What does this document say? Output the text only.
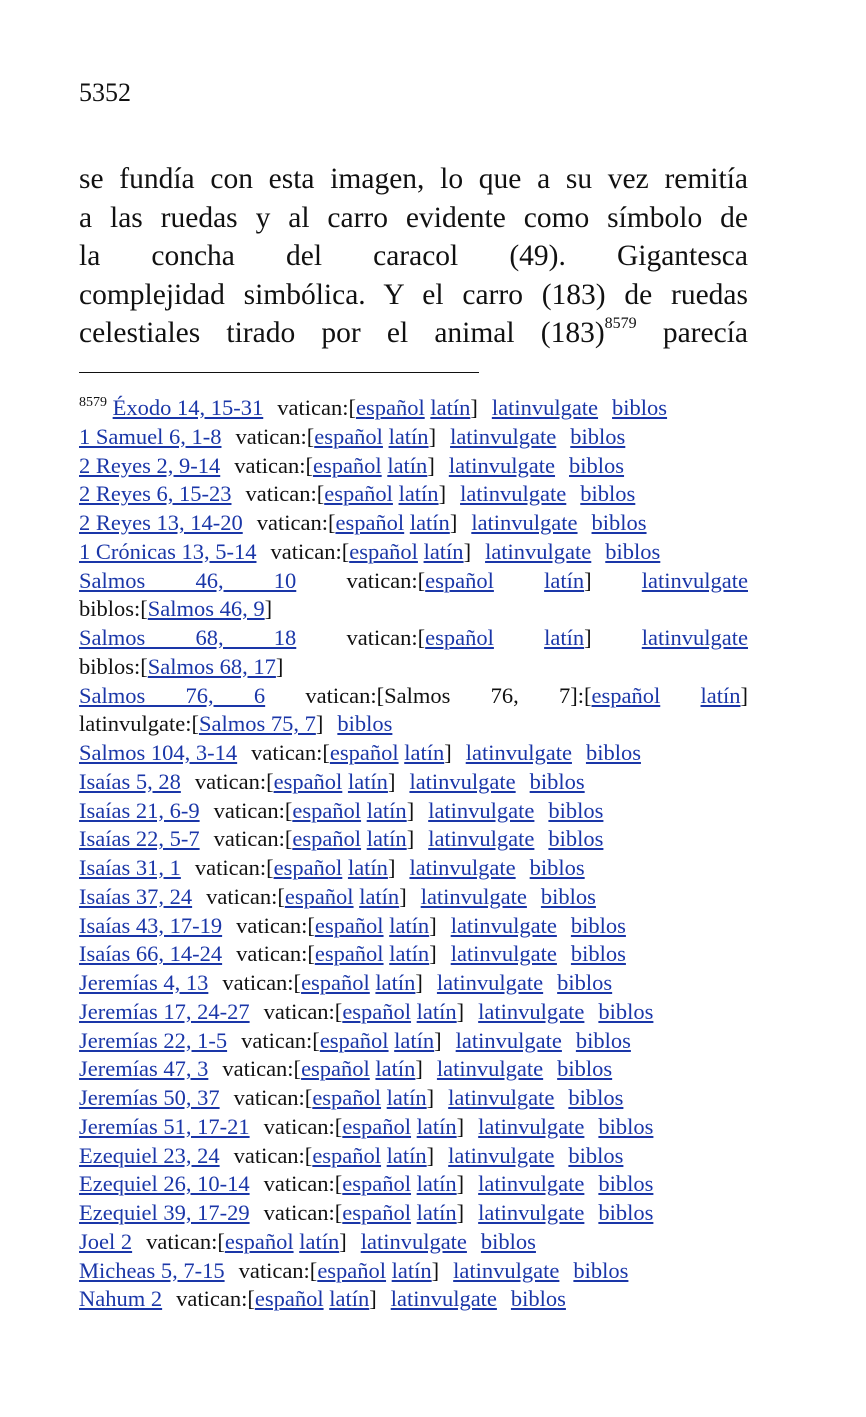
5352
se fundía con esta imagen, lo que a su vez remitía
a las ruedas y al carro evidente como símbolo de
la concha del caracol (49). Gigantesca
complejidad simbólica. Y el carro (183) de ruedas
celestiales tirado por el animal (183)$^{8579}$ parecía
$^{8579}$ Éxodo 14, 15-31 vatican:[español latín] latinvulgate biblos
1 Samuel 6, 1-8 vatican:[español latín] latinvulgate biblos
2 Reyes 2, 9-14 vatican:[español latín] latinvulgate biblos
2 Reyes 6, 15-23 vatican:[español latín] latinvulgate biblos
2 Reyes 13, 14-20 vatican:[español latín] latinvulgate biblos
1 Crónicas 13, 5-14 vatican:[español latín] latinvulgate biblos
Salmos 46, 10 vatican:[español latín] latinvulgate
biblos:[Salmos 46, 9]
Salmos 68, 18 vatican:[español latín] latinvulgate
biblos:[Salmos 68, 17]
Salmos 76, 6 vatican:[Salmos 76, 7]:[español latín]
latinvulgate:[Salmos 75, 7] biblos
Salmos 104, 3-14 vatican:[español latín] latinvulgate biblos
Isaías 5, 28 vatican:[español latín] latinvulgate biblos
Isaías 21, 6-9 vatican:[español latín] latinvulgate biblos
Isaías 22, 5-7 vatican:[español latín] latinvulgate biblos
Isaías 31, 1 vatican:[español latín] latinvulgate biblos
Isaías 37, 24 vatican:[español latín] latinvulgate biblos
Isaías 43, 17-19 vatican:[español latín] latinvulgate biblos
Isaías 66, 14-24 vatican:[español latín] latinvulgate biblos
Jeremías 4, 13 vatican:[español latín] latinvulgate biblos
Jeremías 17, 24-27 vatican:[español latín] latinvulgate biblos
Jeremías 22, 1-5 vatican:[español latín] latinvulgate biblos
Jeremías 47, 3 vatican:[español latín] latinvulgate biblos
Jeremías 50, 37 vatican:[español latín] latinvulgate biblos
Jeremías 51, 17-21 vatican:[español latín] latinvulgate biblos
Ezequiel 23, 24 vatican:[español latín] latinvulgate biblos
Ezequiel 26, 10-14 vatican:[español latín] latinvulgate biblos
Ezequiel 39, 17-29 vatican:[español latín] latinvulgate biblos
Joel 2 vatican:[español latín] latinvulgate biblos
Micheas 5, 7-15 vatican:[español latín] latinvulgate biblos
Nahum 2 vatican:[español latín] latinvulgate biblos
